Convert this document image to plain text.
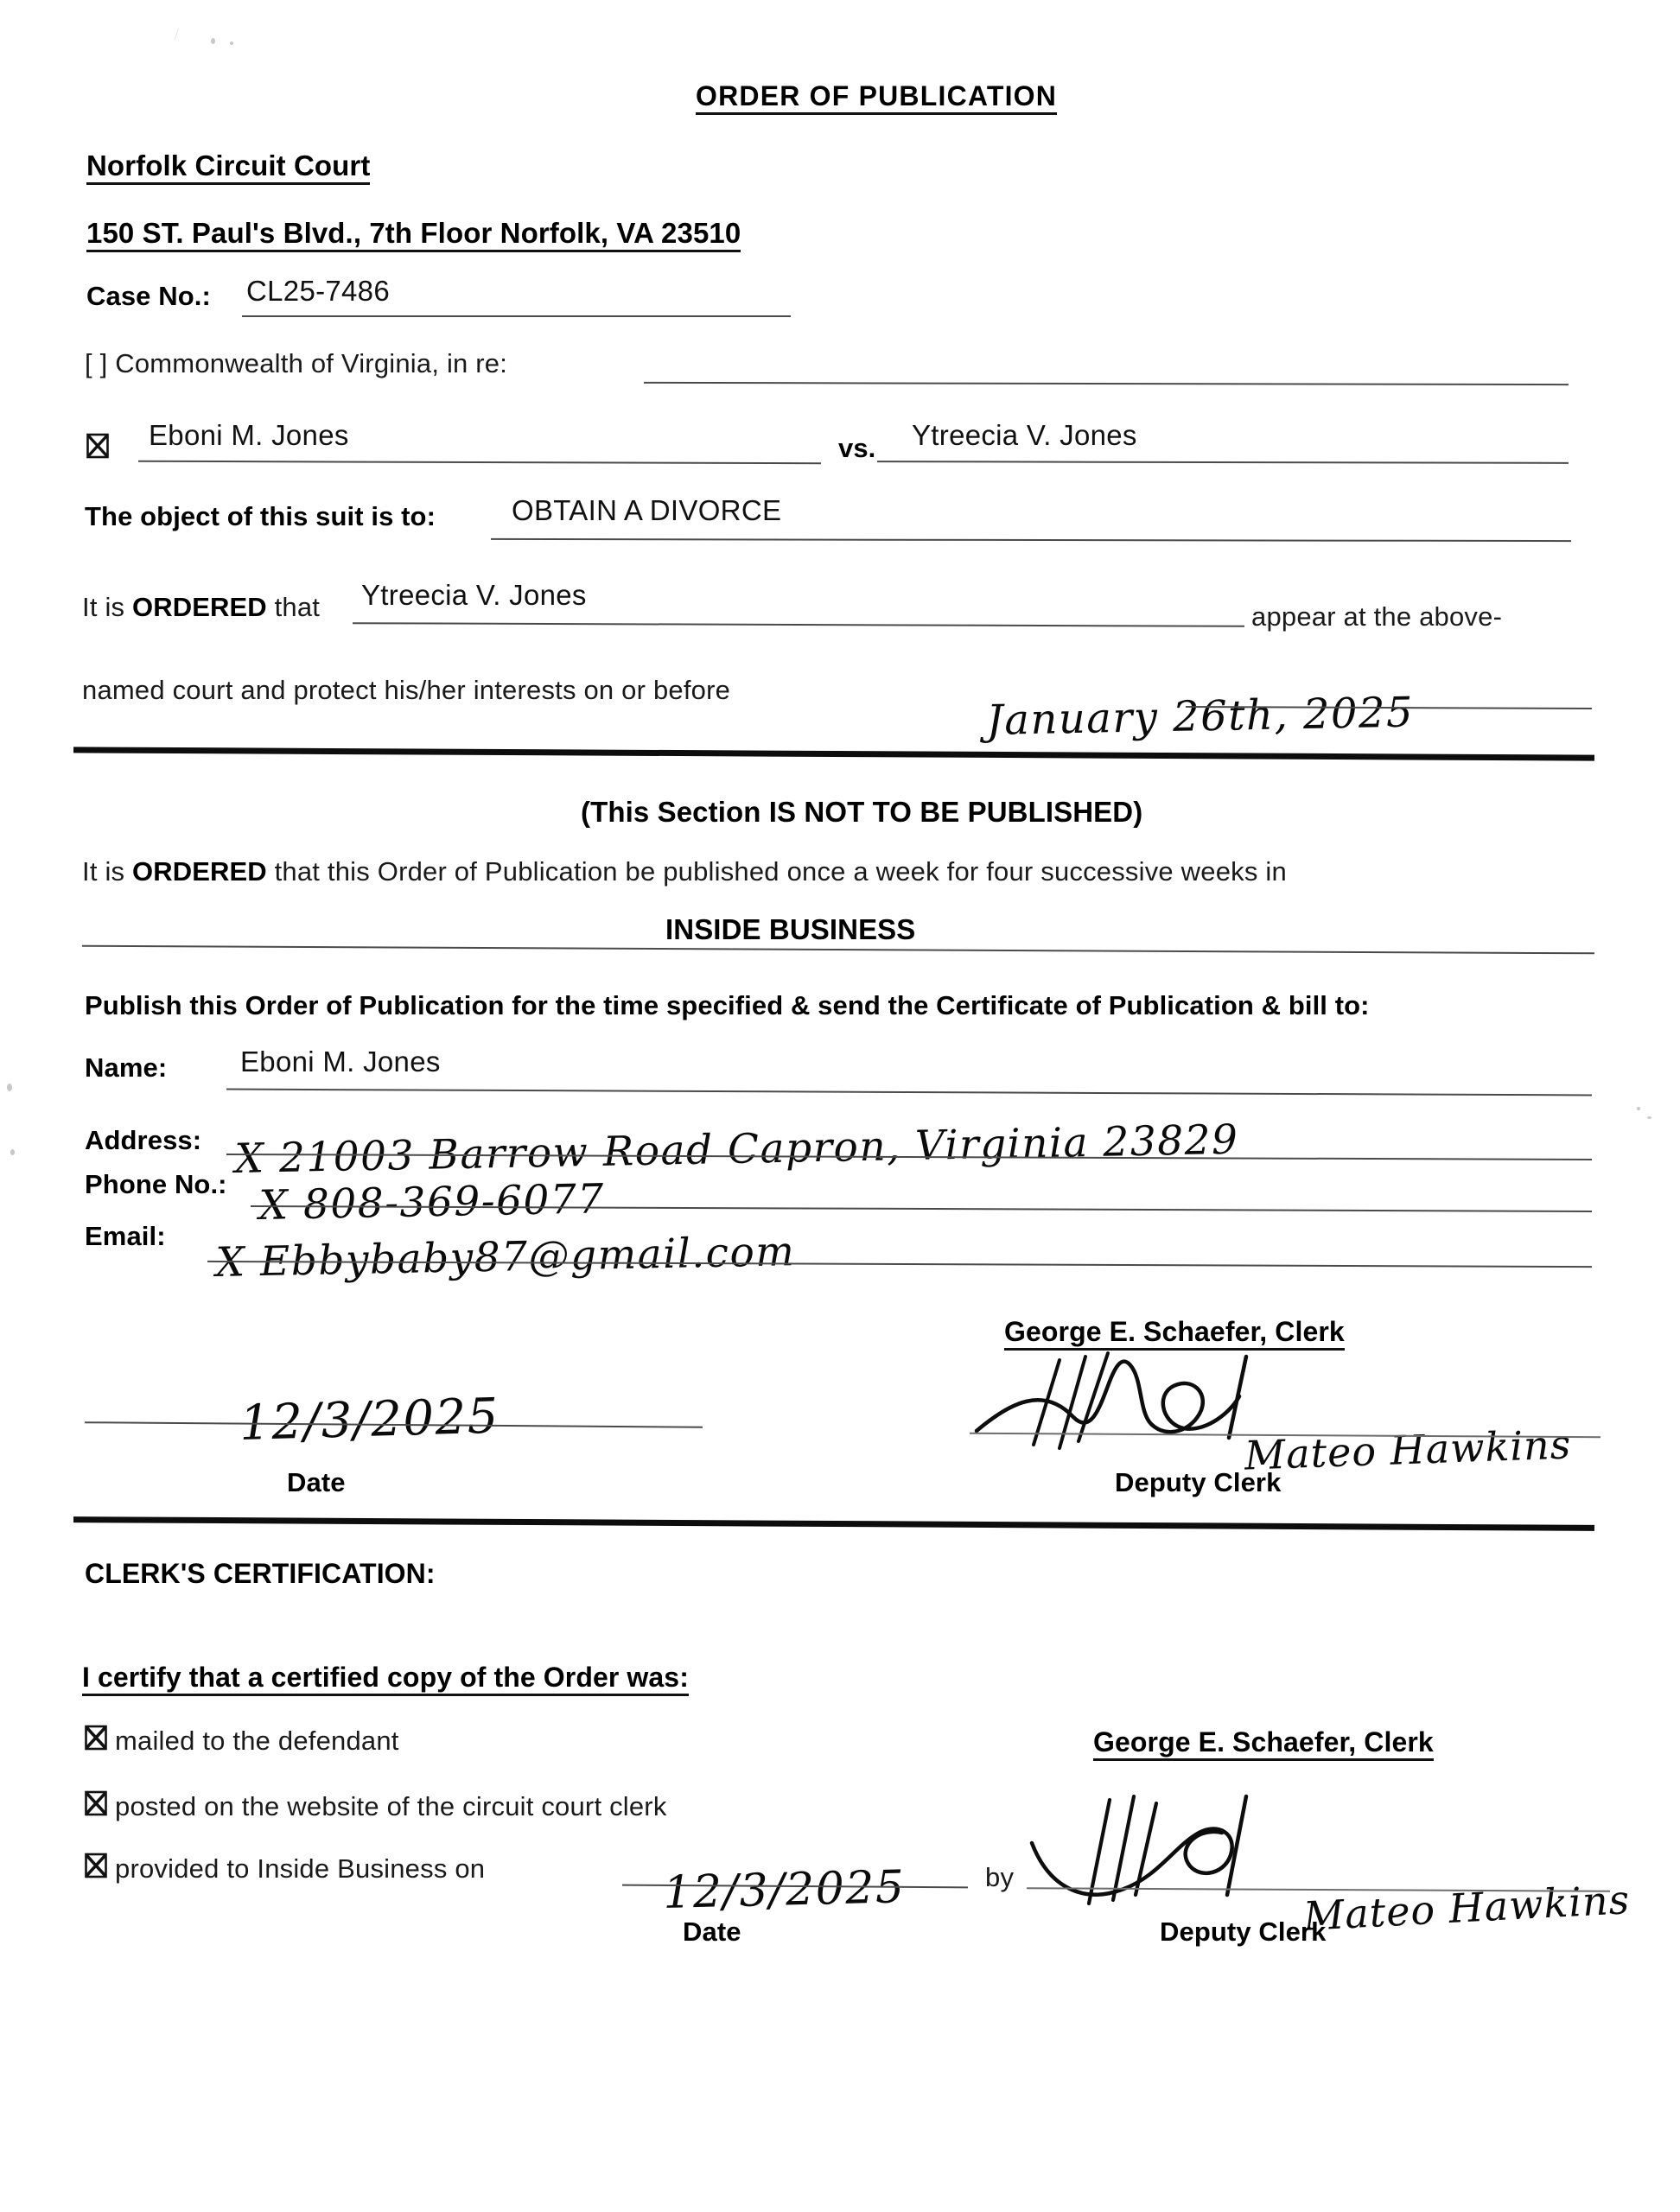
⁄
ORDER OF PUBLICATION
Norfolk Circuit Court
150 ST. Paul's Blvd., 7th Floor Norfolk, VA 23510
Case No.: CL25-7486
[ ] Commonwealth of Virginia, in re:
Eboni M. Jones	vs. Ytreecia V. Jones
The object of this suit is to:	OBTAIN A DIVORCE
It is ORDERED that Ytreecia V. Jones
appear at the above-
named court and protect his/her interests on or before	January 26th, 2025
(This Section IS NOT TO BE PUBLISHED)
It is ORDERED that this Order of Publication be published once a week for four successive weeks in
INSIDE BUSINESS
Publish this Order of Publication for the time specified & send the Certificate of Publication & bill to:
Name:	Eboni M. Jones
Address: X 21003 Barrow Road Capron, Virginia 23829
Phone No.: X 808-369-6077
Email: X Ebbybaby87@gmail.com
George E. Schaefer, Clerk
12/3/2025
Date
Mateo Hawkins
Deputy Clerk
CLERK'S CERTIFICATION:
I certify that a certified copy of the Order was:
mailed to the defendant
posted on the website of the circuit court clerk
provided to Inside Business on	12/3/2025	by
Date
George E. Schaefer, Clerk
Mateo Hawkins
Deputy Clerk
